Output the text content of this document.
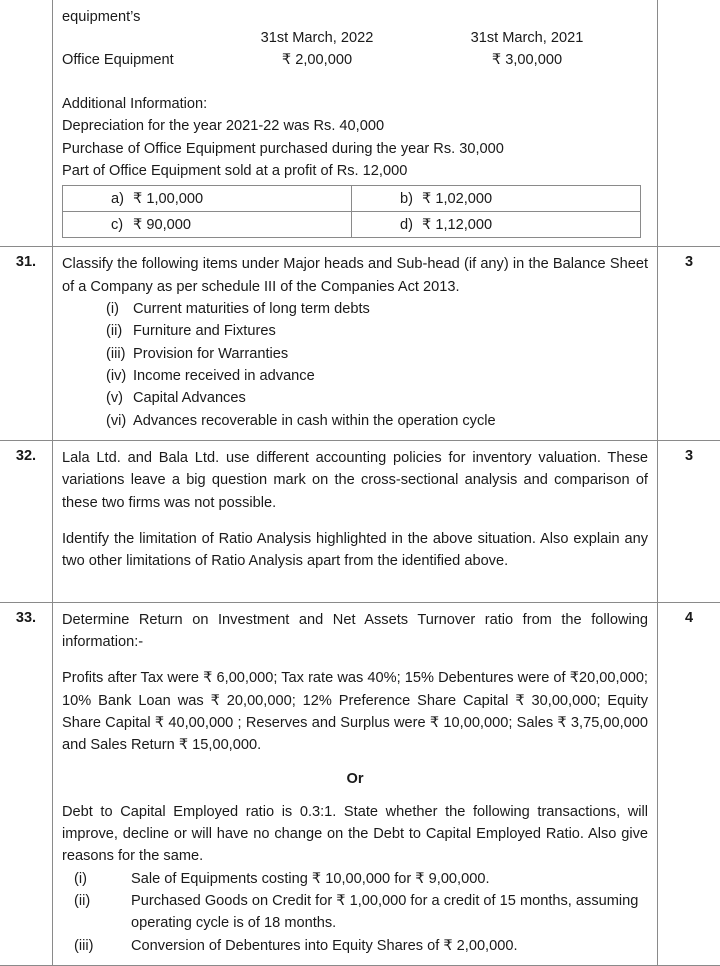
equipment’s

	31st March, 2022	31st March, 2021
Office Equipment	₹ 2,00,000	₹ 3,00,000

Additional Information:

Depreciation for the year 2021-22 was Rs. 40,000

Purchase of Office Equipment purchased during the year Rs. 30,000

Part of Office Equipment sold at a profit of Rs. 12,000

a) ₹ 1,00,000	b) ₹ 1,02,000

c) ₹ 90,000	d) ₹ 1,12,000

31.	Classify the following items under Major heads and Sub-head (if any) in the Balance Sheet of a Company as per schedule III of the Companies Act 2013.

(i) Current maturities of long term debts
(ii) Furniture and Fixtures
(iii) Provision for Warranties
(iv) Income received in advance
(v) Capital Advances
(vi) Advances recoverable in cash within the operation cycle
	3
32.	Lala Ltd. and Bala Ltd. use different accounting policies for inventory valuation. These variations leave a big question mark on the cross-sectional analysis and comparison of these two firms was not possible.

Identify the limitation of Ratio Analysis highlighted in the above situation. Also explain any two other limitations of Ratio Analysis apart from the identified above.

	3
33.	Determine Return on Investment and Net Assets Turnover ratio from the following information:-

Profits after Tax were ₹ 6,00,000; Tax rate was 40%; 15% Debentures were of ₹20,00,000; 10% Bank Loan was ₹ 20,00,000; 12% Preference Share Capital ₹ 30,00,000; Equity Share Capital ₹ 40,00,000 ; Reserves and Surplus were ₹ 10,00,000; Sales ₹ 3,75,00,000 and Sales Return ₹ 15,00,000.

Or

Debt to Capital Employed ratio is 0.3:1. State whether the following transactions, will improve, decline or will have no change on the Debt to Capital Employed Ratio. Also give reasons for the same.

(i)	Sale of Equipments costing ₹ 10,00,000 for ₹ 9,00,000.
(ii)	Purchased Goods on Credit for ₹ 1,00,000 for a credit of 15 months, assuming operating cycle is of 18 months.
(iii)	Conversion of Debentures into Equity Shares of ₹ 2,00,000.
	4
